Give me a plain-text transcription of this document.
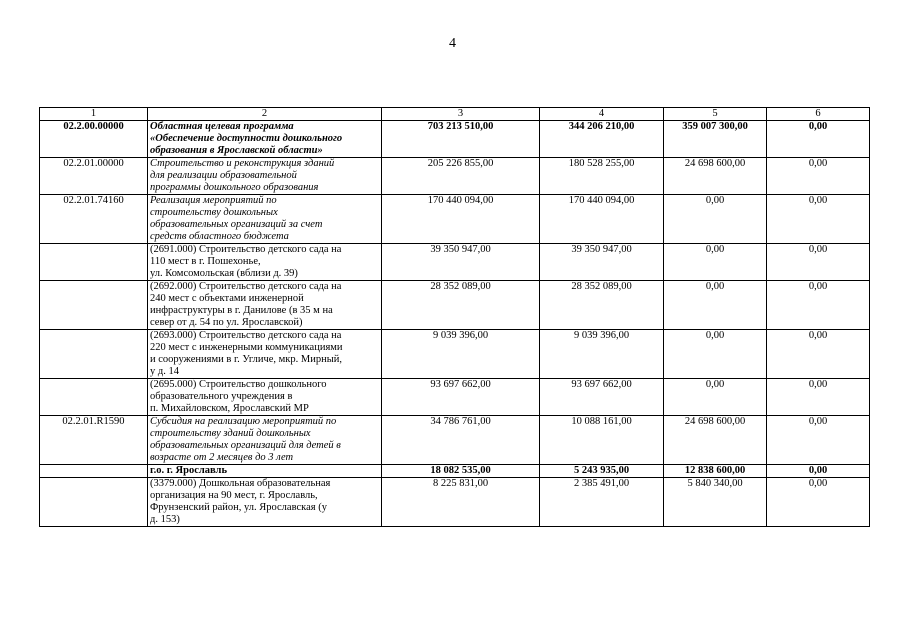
4
1	2	3	4	5	6
02.2.00.00000	Областная целевая программа
«Обеспечение доступности дошкольного
образования в Ярославской области»	703 213 510,00	344 206 210,00	359 007 300,00	0,00
02.2.01.00000	Строительство и реконструкция зданий
для реализации образовательной
программы дошкольного образования	205 226 855,00	180 528 255,00	24 698 600,00	0,00
02.2.01.74160	Реализация мероприятий по
строительству дошкольных
образовательных организаций за счет
средств областного бюджета	170 440 094,00	170 440 094,00	0,00	0,00

	(2691.000) Строительство детского сада на
110 мест в г. Пошехонье,
ул. Комсомольская (вблизи д. 39)	39 350 947,00	39 350 947,00	0,00	0,00

	(2692.000) Строительство детского сада на
240 мест с объектами инженерной
инфраструктуры в г. Данилове (в 35 м на
север от д. 54 по ул. Ярославской)	28 352 089,00	28 352 089,00	0,00	0,00

	(2693.000) Строительство детского сада на
220 мест с инженерными коммуникациями
и сооружениями в г. Угличе, мкр. Мирный,
у д. 14	9 039 396,00	9 039 396,00	0,00	0,00

	(2695.000) Строительство дошкольного
образовательного учреждения в
п. Михайловском, Ярославский МР	93 697 662,00	93 697 662,00	0,00	0,00
02.2.01.R1590	Субсидия на реализацию мероприятий по
строительству зданий дошкольных
образовательных организаций для детей в
возрасте от 2 месяцев до 3 лет	34 786 761,00	10 088 161,00	24 698 600,00	0,00

	г.о. г. Ярославль	18 082 535,00	5 243 935,00	12 838 600,00	0,00

	(3379.000) Дошкольная образовательная
организация на 90 мест, г. Ярославль,
Фрунзенский район, ул. Ярославская (у
д. 153)	8 225 831,00	2 385 491,00	5 840 340,00	0,00
